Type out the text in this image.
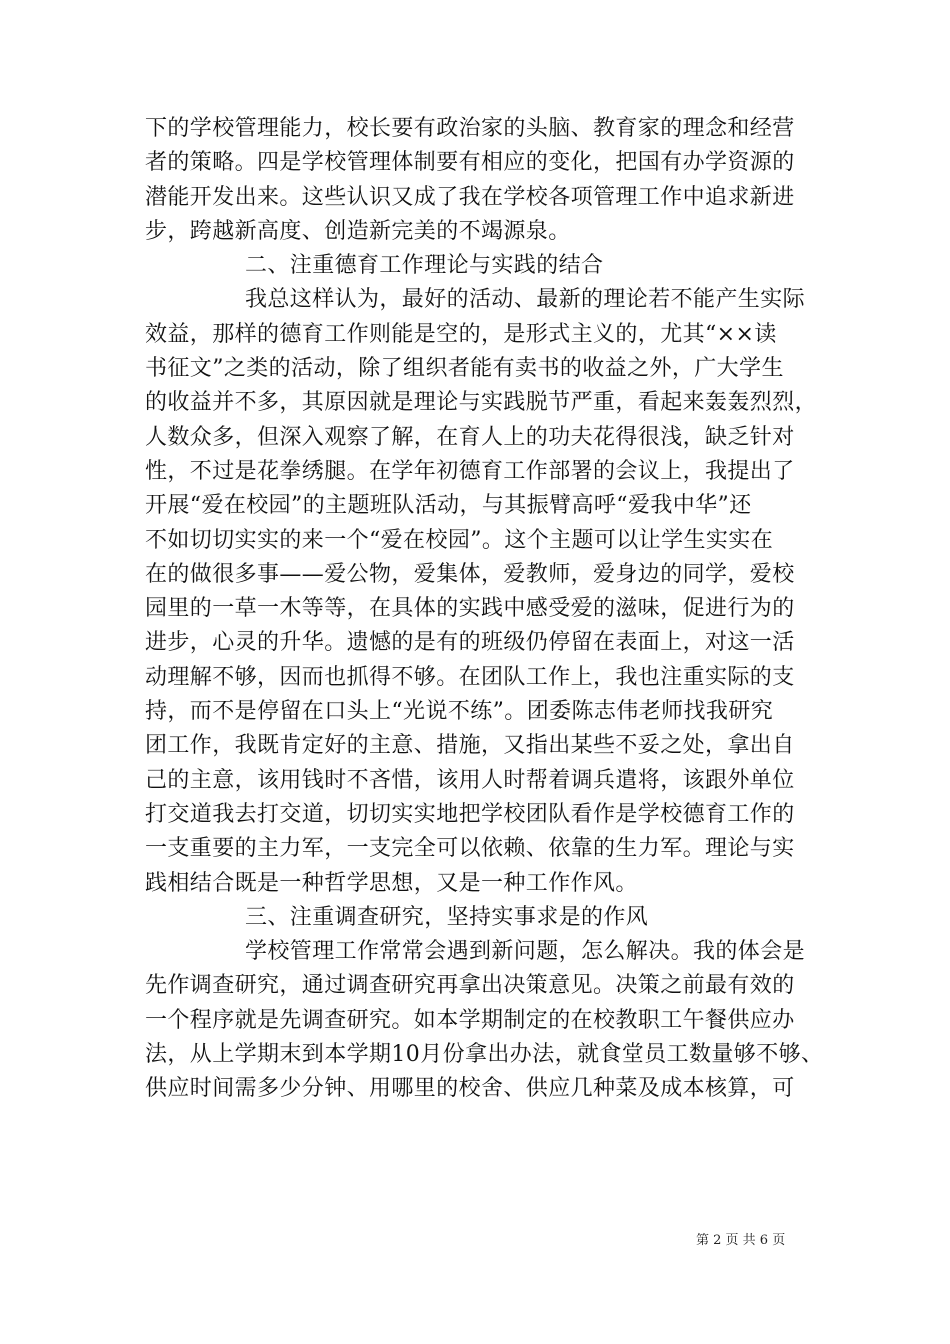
下的学校管理能力，校长要有政治家的头脑、教育家的理念和经营
者的策略。四是学校管理体制要有相应的变化，把国有办学资源的
潜能开发出来。这些认识又成了我在学校各项管理工作中追求新进
步，跨越新高度、创造新完美的不竭源泉。
二、注重德育工作理论与实践的结合
我总这样认为，最好的活动、最新的理论若不能产生实际
效益，那样的德育工作则能是空的，是形式主义的，尤其“××读
书征文”之类的活动，除了组织者能有卖书的收益之外，广大学生
的收益并不多，其原因就是理论与实践脱节严重，看起来轰轰烈烈，
人数众多，但深入观察了解，在育人上的功夫花得很浅，缺乏针对
性，不过是花拳绣腿。在学年初德育工作部署的会议上，我提出了
开展“爱在校园”的主题班队活动，与其振臂高呼“爱我中华”还
不如切切实实的来一个“爱在校园”。这个主题可以让学生实实在
在的做很多事——爱公物，爱集体，爱教师，爱身边的同学，爱校
园里的一草一木等等，在具体的实践中感受爱的滋味，促进行为的
进步，心灵的升华。遗憾的是有的班级仍停留在表面上，对这一活
动理解不够，因而也抓得不够。在团队工作上，我也注重实际的支
持，而不是停留在口头上“光说不练”。团委陈志伟老师找我研究
团工作，我既肯定好的主意、措施，又指出某些不妥之处，拿出自
己的主意，该用钱时不吝惜，该用人时帮着调兵遣将，该跟外单位
打交道我去打交道，切切实实地把学校团队看作是学校德育工作的
一支重要的主力军，一支完全可以依赖、依靠的生力军。理论与实
践相结合既是一种哲学思想，又是一种工作作风。
三、注重调查研究，坚持实事求是的作风
学校管理工作常常会遇到新问题，怎么解决。我的体会是
先作调查研究，通过调查研究再拿出决策意见。决策之前最有效的
一个程序就是先调查研究。如本学期制定的在校教职工午餐供应办
法，从上学期末到本学期10月份拿出办法，就食堂员工数量够不够、
供应时间需多少分钟、用哪里的校舍、供应几种菜及成本核算，可
第 2 页 共 6 页
